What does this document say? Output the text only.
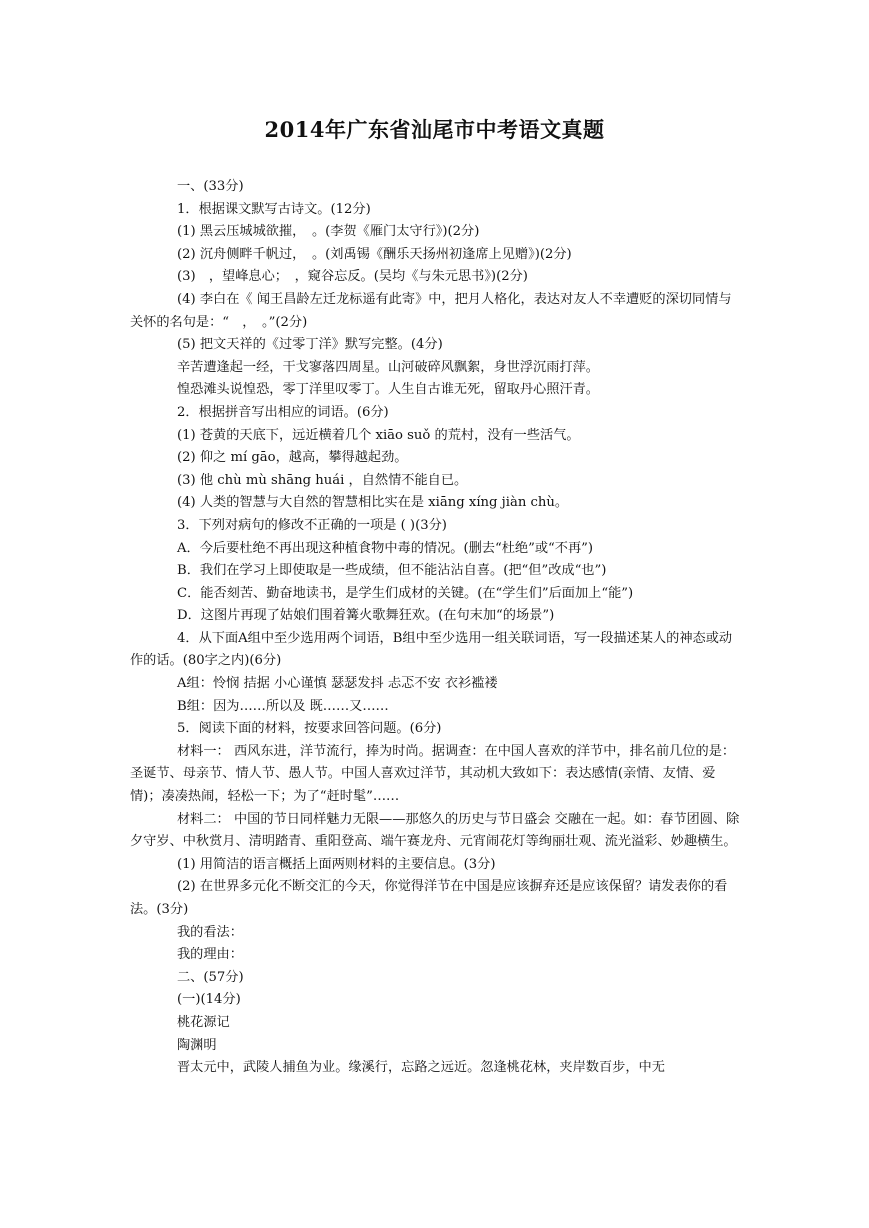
2014年广东省汕尾市中考语文真题

一、(33分)

1．根据课文默写古诗文。(12分)

(1) 黑云压城城欲摧，　。(李贺《雁门太守行》)(2分)

(2) 沉舟侧畔千帆过，　。(刘禹锡《酬乐天扬州初逢席上见赠》)(2分)

(3)　，望峰息心；　，窥谷忘反。(吴均《与朱元思书》)(2分)

(4) 李白在《 闻王昌龄左迁龙标遥有此寄》中，把月人格化，表达对友人不幸遭贬的深切同情与关怀的名句是：“　，　。”(2分)

(5) 把文天祥的《过零丁洋》默写完整。(4分)

辛苦遭逢起一经，干戈寥落四周星。山河破碎风飘絮，身世浮沉雨打萍。

惶恐滩头说惶恐，零丁洋里叹零丁。人生自古谁无死，留取丹心照汗青。

2．根据拼音写出相应的词语。(6分)

(1) 苍黄的天底下，远近横着几个 xiāo suǒ 的荒村，没有一些活气。

(2) 仰之 mí gāo，越高，攀得越起劲。

(3) 他 chù mù shāng huái ，自然情不能自已。

(4) 人类的智慧与大自然的智慧相比实在是 xiāng xíng jiàn chù。

3．下列对病句的修改不正确的一项是 ( )(3分)

A．今后要杜绝不再出现这种植食物中毒的情况。(删去“杜绝”或“不再”)

B．我们在学习上即使取是一些成绩，但不能沾沾自喜。(把“但”改成“也”)

C．能否刻苦、勤奋地读书，是学生们成材的关键。(在“学生们”后面加上“能”)

D．这图片再现了姑娘们围着篝火歌舞狂欢。(在句末加“的场景”)

4．从下面A组中至少选用两个词语，B组中至少选用一组关联词语，写一段描述某人的神态或动作的话。(80字之内)(6分)

A组：怜悯 拮据 小心谨慎 瑟瑟发抖 忐忑不安 衣衫褴褛

B组：因为……所以及 既……又……

5．阅读下面的材料，按要求回答问题。(6分)

材料一： 西风东进，洋节流行，捧为时尚。据调查：在中国人喜欢的洋节中，排名前几位的是：圣诞节、母亲节、情人节、愚人节。中国人喜欢过洋节，其动机大致如下：表达感情(亲情、友情、爱情)；凑凑热闹，轻松一下；为了“赶时髦”……

材料二： 中国的节日同样魅力无限——那悠久的历史与节日盛会 交融在一起。如：春节团圆、除夕守岁、中秋赏月、清明踏青、重阳登高、端午赛龙舟、元宵闹花灯等绚丽壮观、流光溢彩、妙趣横生。

(1) 用简洁的语言概括上面两则材料的主要信息。(3分)

(2) 在世界多元化不断交汇的今天，你觉得洋节在中国是应该摒弃还是应该保留？请发表你的看法。(3分)

我的看法：

我的理由：

二、(57分)

(一)(14分)

桃花源记

陶渊明

晋太元中，武陵人捕鱼为业。缘溪行，忘路之远近。忽逢桃花林，夹岸数百步，中无
